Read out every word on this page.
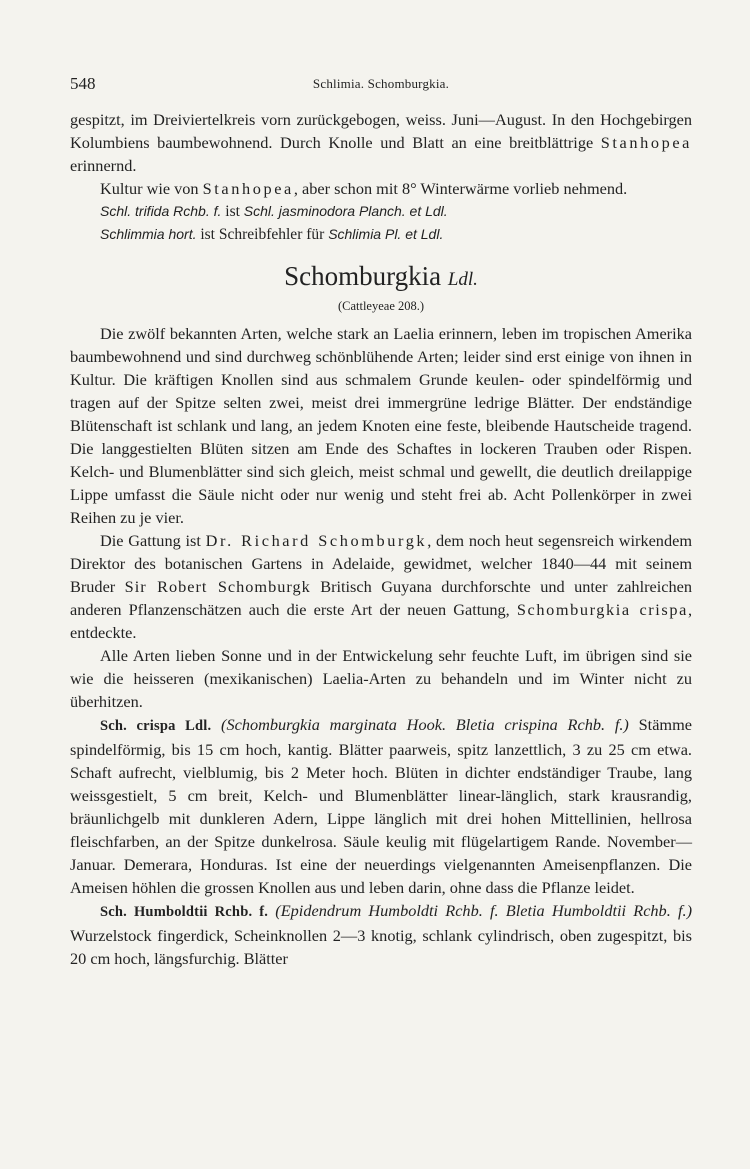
548	Schlimia. Schomburgkia.

gespitzt, im Dreiviertelkreis vorn zurückgebogen, weiss. Juni—August. In den Hochgebirgen Kolumbiens baumbewohnend. Durch Knolle und Blatt an eine breitblättrige Stanhopea erinnernd.

Kultur wie von Stanhopea, aber schon mit 8° Winterwärme vorlieb nehmend.

Schl. trifida Rchb. f. ist Schl. jasminodora Planch. et Ldl.

Schlimmia hort. ist Schreibfehler für Schlimia Pl. et Ldl.

Schomburgkia Ldl.
(Cattleyeae 208.)

Die zwölf bekannten Arten, welche stark an Laelia erinnern, leben im tropischen Amerika baumbewohnend und sind durchweg schönblühende Arten; leider sind erst einige von ihnen in Kultur. Die kräftigen Knollen sind aus schmalem Grunde keulen- oder spindelförmig und tragen auf der Spitze selten zwei, meist drei immergrüne ledrige Blätter. Der endständige Blütenschaft ist schlank und lang, an jedem Knoten eine feste, bleibende Hautscheide tragend. Die langgestielten Blüten sitzen am Ende des Schaftes in lockeren Trauben oder Rispen. Kelch- und Blumenblätter sind sich gleich, meist schmal und gewellt, die deutlich dreilappige Lippe umfasst die Säule nicht oder nur wenig und steht frei ab. Acht Pollenkörper in zwei Reihen zu je vier.

Die Gattung ist Dr. Richard Schomburgk, dem noch heut segensreich wirkendem Direktor des botanischen Gartens in Adelaide, gewidmet, welcher 1840—44 mit seinem Bruder Sir Robert Schomburgk Britisch Guyana durchforschte und unter zahlreichen anderen Pflanzenschätzen auch die erste Art der neuen Gattung, Schomburgkia crispa, entdeckte.

Alle Arten lieben Sonne und in der Entwickelung sehr feuchte Luft, im übrigen sind sie wie die heisseren (mexikanischen) Laelia-Arten zu behandeln und im Winter nicht zu überhitzen.

Sch. crispa Ldl. (Schomburgkia marginata Hook. Bletia crispina Rchb. f.) Stämme spindelförmig, bis 15 cm hoch, kantig. Blätter paarweis, spitz lanzettlich, 3 zu 25 cm etwa. Schaft aufrecht, vielblumig, bis 2 Meter hoch. Blüten in dichter endständiger Traube, lang weissgestielt, 5 cm breit, Kelch- und Blumenblätter linear-länglich, stark krausrandig, bräunlichgelb mit dunkleren Adern, Lippe länglich mit drei hohen Mittellinien, hellrosa fleischfarben, an der Spitze dunkelrosa. Säule keulig mit flügelartigem Rande. November—Januar. Demerara, Honduras. Ist eine der neuerdings vielgenannten Ameisenpflanzen. Die Ameisen höhlen die grossen Knollen aus und leben darin, ohne dass die Pflanze leidet.

Sch. Humboldtii Rchb. f. (Epidendrum Humboldti Rchb. f. Bletia Humboldtii Rchb. f.) Wurzelstock fingerdick, Scheinknollen 2—3 knotig, schlank cylindrisch, oben zugespitzt, bis 20 cm hoch, längsfurchig. Blätter
